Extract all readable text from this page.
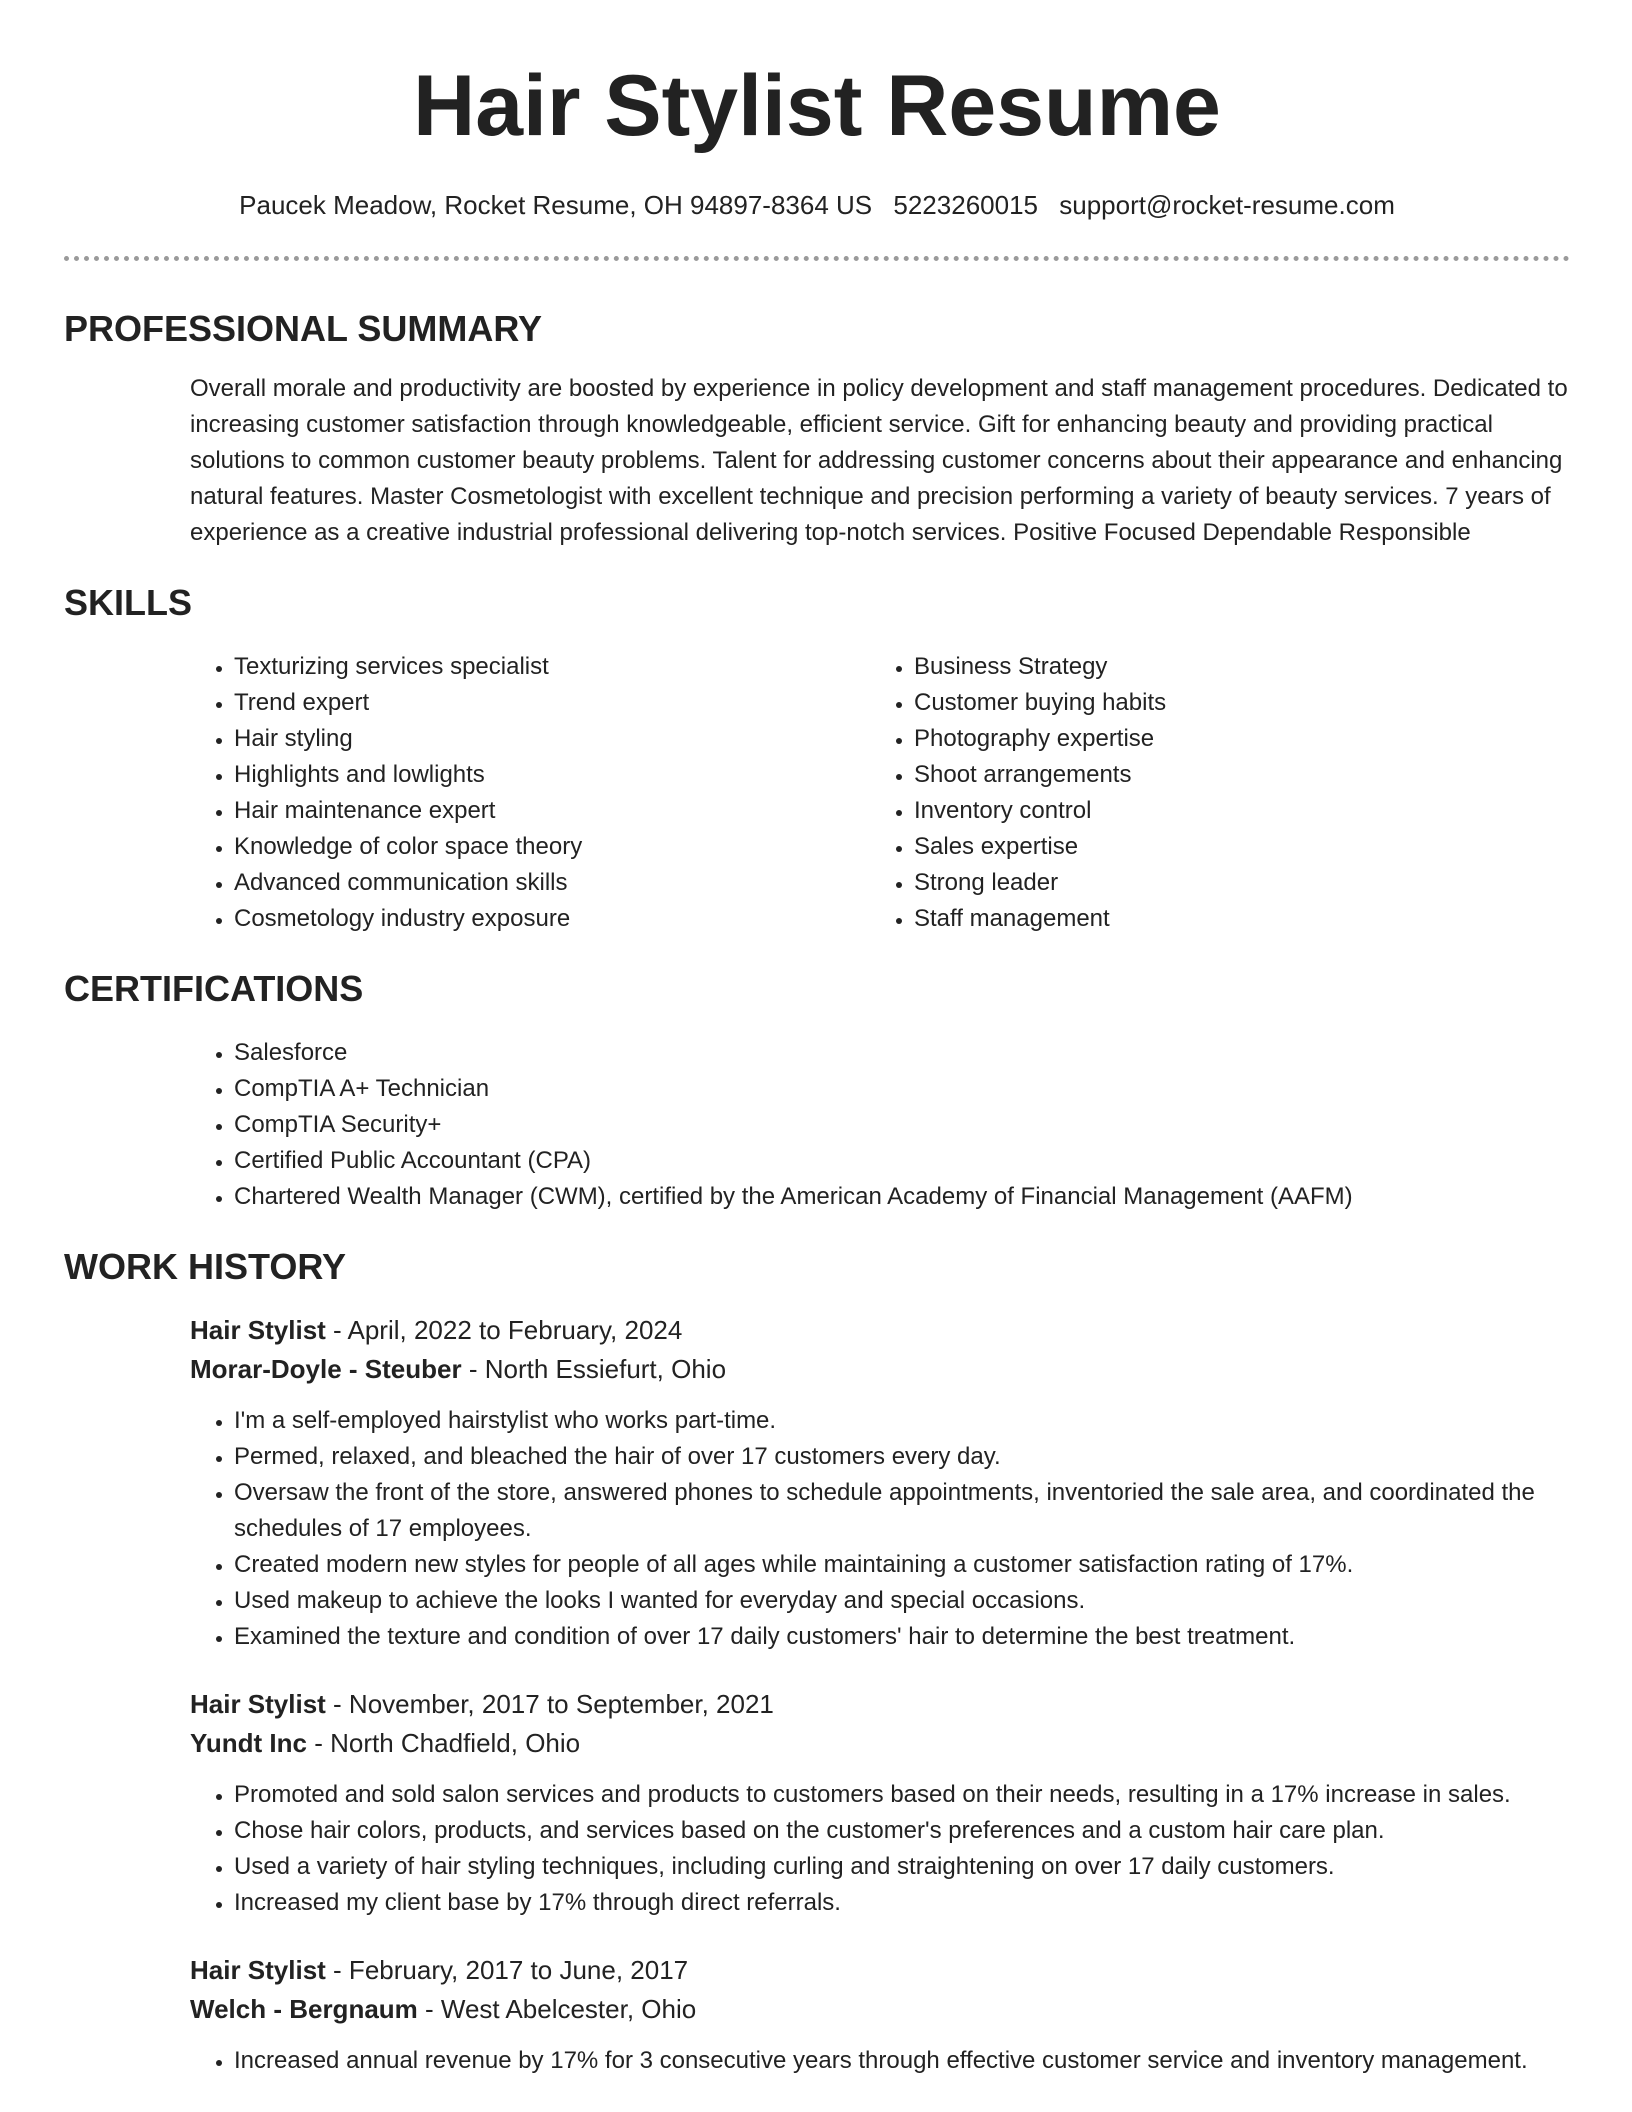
Hair Stylist Resume
Paucek Meadow, Rocket Resume, OH 94897-8364 US 5223260015 support@rocket-resume.com
PROFESSIONAL SUMMARY
Overall morale and productivity are boosted by experience in policy development and staff management procedures. Dedicated to increasing customer satisfaction through knowledgeable, efficient service. Gift for enhancing beauty and providing practical solutions to common customer beauty problems. Talent for addressing customer concerns about their appearance and enhancing natural features. Master Cosmetologist with excellent technique and precision performing a variety of beauty services. 7 years of experience as a creative industrial professional delivering top-notch services. Positive Focused Dependable Responsible
SKILLS
• Texturizing services specialist
• Trend expert
• Hair styling
• Highlights and lowlights
• Hair maintenance expert
• Knowledge of color space theory
• Advanced communication skills
• Cosmetology industry exposure
• Business Strategy
• Customer buying habits
• Photography expertise
• Shoot arrangements
• Inventory control
• Sales expertise
• Strong leader
• Staff management
CERTIFICATIONS
• Salesforce
• CompTIA A+ Technician
• CompTIA Security+
• Certified Public Accountant (CPA)
• Chartered Wealth Manager (CWM), certified by the American Academy of Financial Management (AAFM)
WORK HISTORY
Hair Stylist - April, 2022 to February, 2024
Morar-Doyle - Steuber - North Essiefurt, Ohio
• I'm a self-employed hairstylist who works part-time.
• Permed, relaxed, and bleached the hair of over 17 customers every day.
• Oversaw the front of the store, answered phones to schedule appointments, inventoried the sale area, and coordinated the schedules of 17 employees.
• Created modern new styles for people of all ages while maintaining a customer satisfaction rating of 17%.
• Used makeup to achieve the looks I wanted for everyday and special occasions.
• Examined the texture and condition of over 17 daily customers' hair to determine the best treatment.
Hair Stylist - November, 2017 to September, 2021
Yundt Inc - North Chadfield, Ohio
• Promoted and sold salon services and products to customers based on their needs, resulting in a 17% increase in sales.
• Chose hair colors, products, and services based on the customer's preferences and a custom hair care plan.
• Used a variety of hair styling techniques, including curling and straightening on over 17 daily customers.
• Increased my client base by 17% through direct referrals.
Hair Stylist - February, 2017 to June, 2017
Welch - Bergnaum - West Abelcester, Ohio
• Increased annual revenue by 17% for 3 consecutive years through effective customer service and inventory management.
